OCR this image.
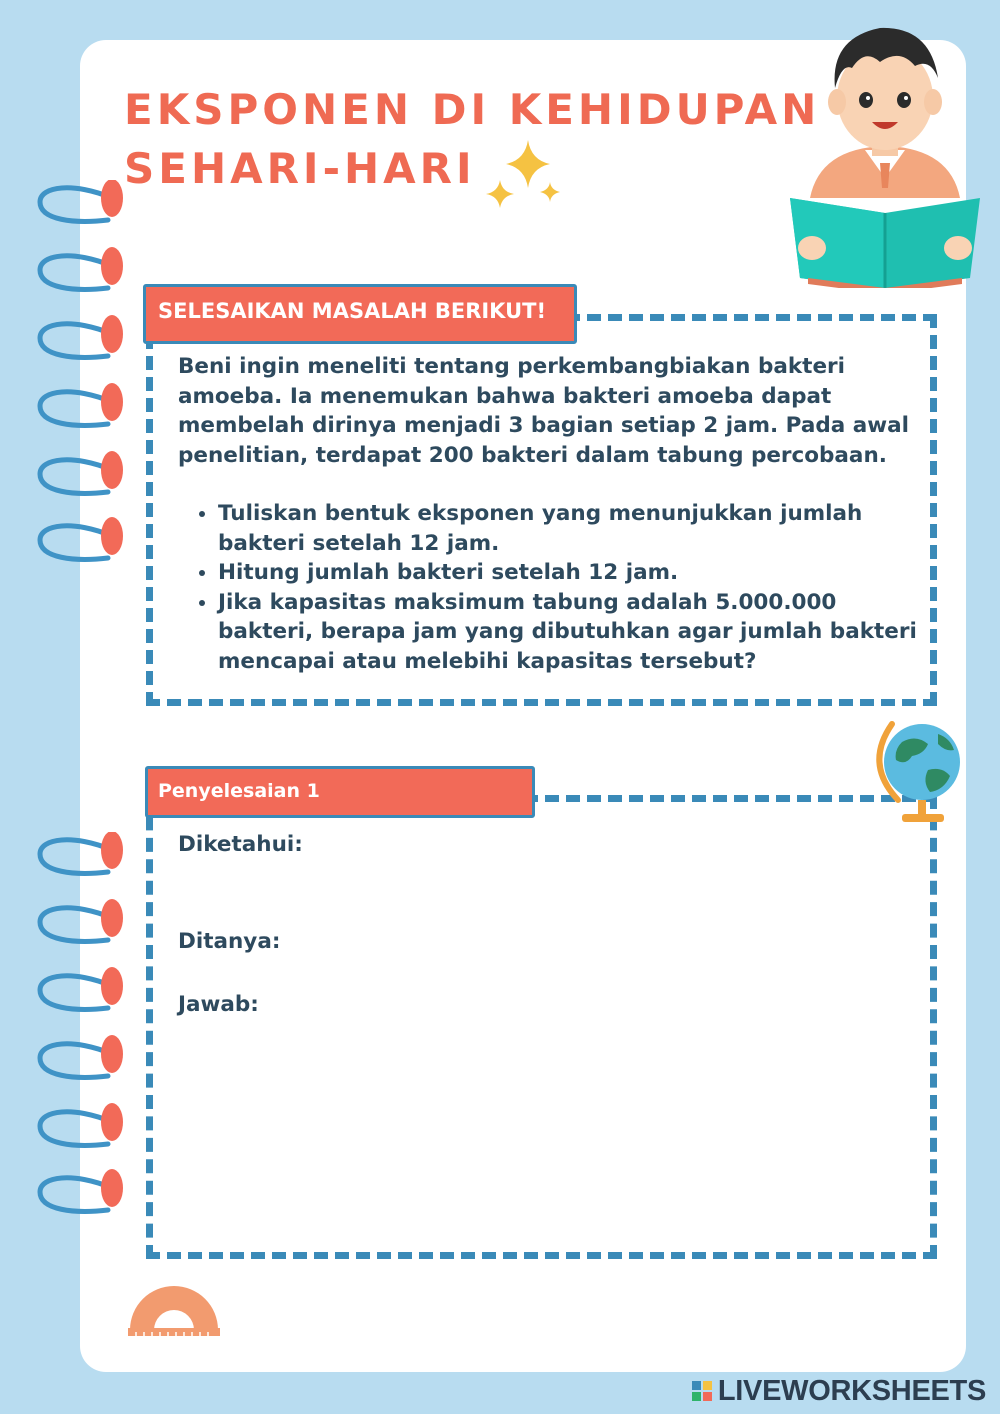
EKSPONEN DI KEHIDUPAN
SEHARI-HARI
SELESAIKAN MASALAH BERIKUT!

Beni ingin meneliti tentang perkembangbiakan bakteri amoeba. Ia menemukan bahwa bakteri amoeba dapat membelah dirinya menjadi 3 bagian setiap 2 jam. Pada awal penelitian, terdapat 200 bakteri dalam tabung percobaan.

• Tuliskan bentuk eksponen yang menunjukkan jumlah bakteri setelah 12 jam.
• Hitung jumlah bakteri setelah 12 jam.
• Jika kapasitas maksimum tabung adalah 5.000.000 bakteri, berapa jam yang dibutuhkan agar jumlah bakteri mencapai atau melebihi kapasitas tersebut?
Penyelesaian 1
Diketahui:
Ditanya:
Jawab:
LIVEWORKSHEETS
